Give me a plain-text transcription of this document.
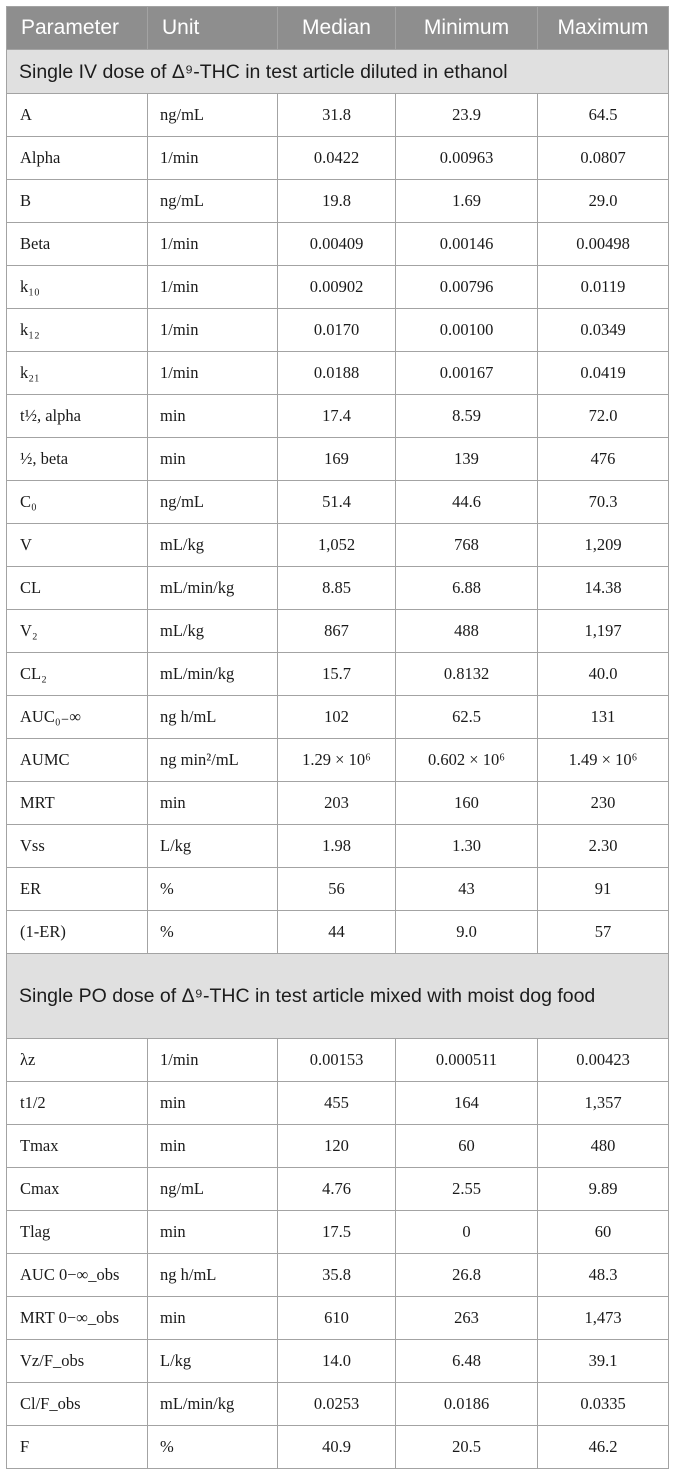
Parameter	Unit	Median	Minimum	Maximum
Single IV dose of Δ⁹-THC in test article diluted in ethanol				
A	ng/mL	31.8	23.9	64.5
Alpha	1/min	0.0422	0.00963	0.0807
B	ng/mL	19.8	1.69	29.0
Beta	1/min	0.00409	0.00146	0.00498
k₁₀	1/min	0.00902	0.00796	0.0119
k₁₂	1/min	0.0170	0.00100	0.0349
k₂₁	1/min	0.0188	0.00167	0.0419
t½, alpha	min	17.4	8.59	72.0
½, beta	min	169	139	476
C₀	ng/mL	51.4	44.6	70.3
V	mL/kg	1,052	768	1,209
CL	mL/min/kg	8.85	6.88	14.38
V₂	mL/kg	867	488	1,197
CL₂	mL/min/kg	15.7	0.8132	40.0
AUC₀₋∞	ng h/mL	102	62.5	131
AUMC	ng min²/mL	1.29 × 10⁶	0.602 × 10⁶	1.49 × 10⁶
MRT	min	203	160	230
Vss	L/kg	1.98	1.30	2.30
ER	%	56	43	91
(1-ER)	%	44	9.0	57
Single PO dose of Δ⁹-THC in test article mixed with moist dog food				
λz	1/min	0.00153	0.000511	0.00423
t1/2	min	455	164	1,357
Tmax	min	120	60	480
Cmax	ng/mL	4.76	2.55	9.89
Tlag	min	17.5	0	60
AUC 0−∞_obs	ng h/mL	35.8	26.8	48.3
MRT 0−∞_obs	min	610	263	1,473
Vz/F_obs	L/kg	14.0	6.48	39.1
Cl/F_obs	mL/min/kg	0.0253	0.0186	0.0335
F	%	40.9	20.5	46.2
